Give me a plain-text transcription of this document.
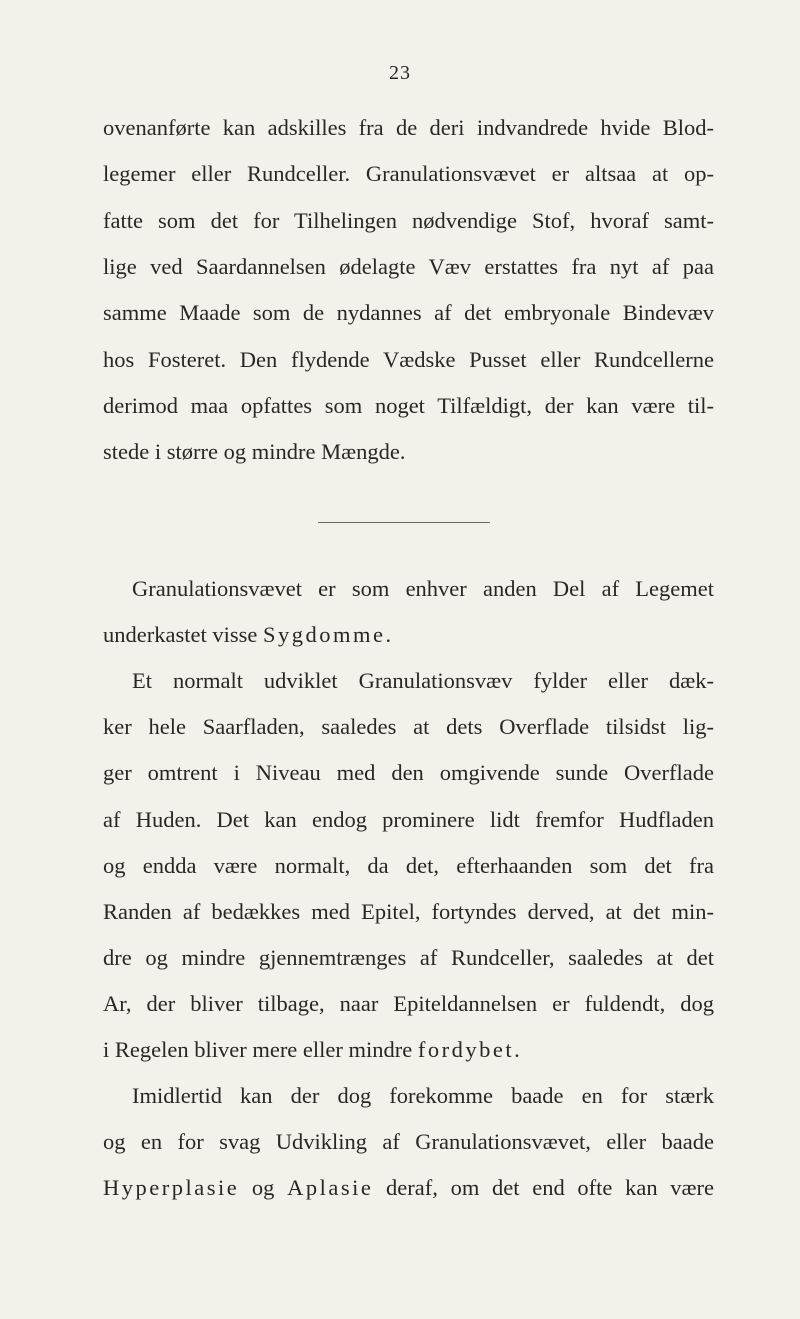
23
ovenanførte kan adskilles fra de deri indvandrede hvide Blod-
legemer eller Rundceller. Granulationsvævet er altsaa at op-
fatte som det for Tilhelingen nødvendige Stof, hvoraf samt-
lige ved Saardannelsen ødelagte Væv erstattes fra nyt af paa
samme Maade som de nydannes af det embryonale Bindevæv
hos Fosteret. Den flydende Vædske Pusset eller Rundcellerne
derimod maa opfattes som noget Tilfældigt, der kan være til-
stede i større og mindre Mængde.
Granulationsvævet er som enhver anden Del af Legemet
underkastet visse Sygdomme.
Et normalt udviklet Granulationsvæv fylder eller dæk-
ker hele Saarfladen, saaledes at dets Overflade tilsidst lig-
ger omtrent i Niveau med den omgivende sunde Overflade
af Huden. Det kan endog prominere lidt fremfor Hudfladen
og endda være normalt, da det, efterhaanden som det fra
Randen af bedækkes med Epitel, fortyndes derved, at det min-
dre og mindre gjennemtrænges af Rundceller, saaledes at det
Ar, der bliver tilbage, naar Epiteldannelsen er fuldendt, dog
i Regelen bliver mere eller mindre fordybet.
Imidlertid kan der dog forekomme baade en for stærk
og en for svag Udvikling af Granulationsvævet, eller baade
Hyperplasie og Aplasie deraf, om det end ofte kan være
